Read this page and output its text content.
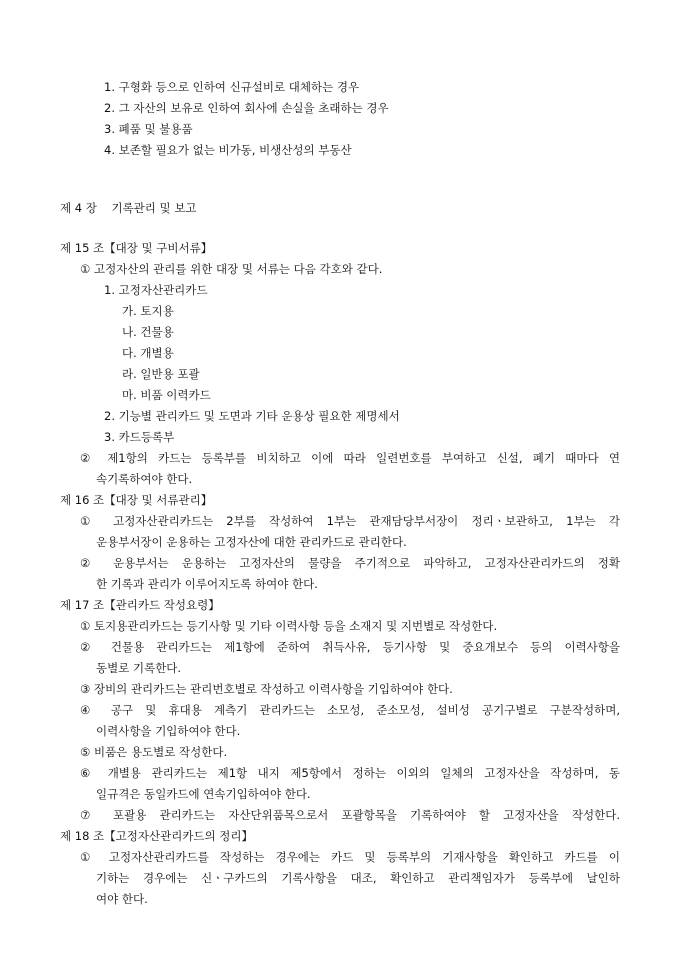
1. 구형화 등으로 인하여 신규설비로 대체하는 경우
2. 그 자산의 보유로 인하여 회사에 손실을 초래하는 경우
3. 폐품 및 불용품
4. 보존할 필요가 없는 비가동, 비생산성의 부동산
제 4 장    기록관리 및 보고
제 15 조【대장 및 구비서류】
① 고정자산의 관리를 위한 대장 및 서류는 다음 각호와 같다.
1. 고정자산관리카드
가. 토지용
나. 건물용
다. 개별용
라. 일반용 포괄
마. 비품 이력카드
2. 기능별 관리카드 및 도면과 기타 운용상 필요한 제명세서
3. 카드등록부
② 제1항의 카드는 등록부를 비치하고 이에 따라 일련번호를 부여하고 신설, 폐기 때마다 연
속기록하여야 한다.
제 16 조【대장 및 서류관리】
① 고정자산관리카드는 2부를 작성하여 1부는 관재담당부서장이 정리ㆍ보관하고, 1부는 각
운용부서장이 운용하는 고정자산에 대한 관리카드로 관리한다.
② 운용부서는 운용하는 고정자산의 물량을 주기적으로 파악하고, 고정자산관리카드의 정확
한 기록과 관리가 이루어지도록 하여야 한다.
제 17 조【관리카드 작성요령】
① 토지용관리카드는 등기사항 및 기타 이력사항 등을 소재지 및 지번별로 작성한다.
② 건물용 관리카드는 제1항에 준하여 취득사유, 등기사항 및 중요개보수 등의 이력사항을
동별로 기록한다.
③ 장비의 관리카드는 관리번호별로 작성하고 이력사항을 기입하여야 한다.
④ 공구 및 휴대용 계측기 관리카드는 소모성, 준소모성, 설비성 공기구별로 구분작성하며,
이력사항을 기입하여야 한다.
⑤ 비품은 용도별로 작성한다.
⑥ 개별용 관리카드는 제1항 내지 제5항에서 정하는 이외의 일체의 고정자산을 작성하며, 동
일규격은 동일카드에 연속기입하여야 한다.
⑦ 포괄용 관리카드는 자산단위품목으로서 포괄항목을 기록하여야 할 고정자산을 작성한다.
제 18 조【고정자산관리카드의 정리】
① 고정자산관리카드를 작성하는 경우에는 카드 및 등록부의 기재사항을 확인하고 카드를 이
기하는 경우에는 신ㆍ구카드의 기록사항을 대조, 확인하고 관리책임자가 등록부에 날인하
여야 한다.
